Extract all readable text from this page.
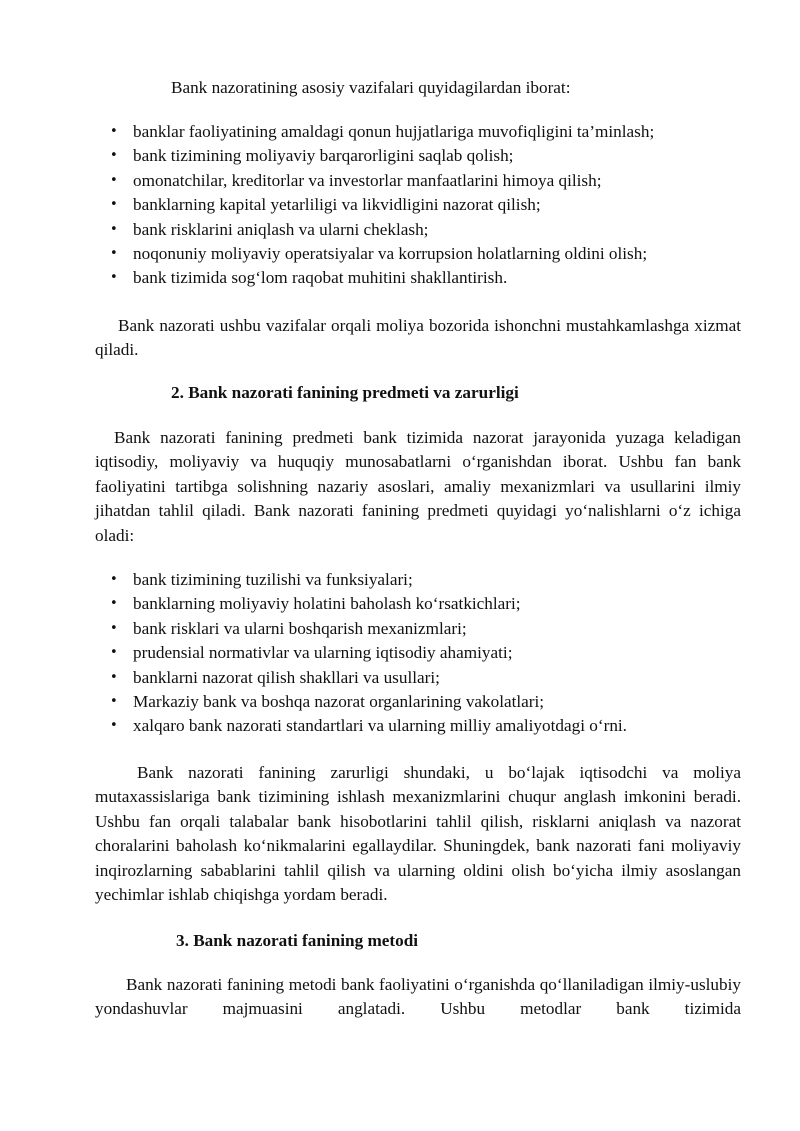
Bank nazoratining asosiy vazifalari quyidagilardan iborat:
• banklar faoliyatining amaldagi qonun hujjatlariga muvofiqligini ta’minlash;
• bank tizimining moliyaviy barqarorligini saqlab qolish;
• omonatchilar, kreditorlar va investorlar manfaatlarini himoya qilish;
• banklarning kapital yetarliligi va likvidligini nazorat qilish;
• bank risklarini aniqlash va ularni cheklash;
• noqonuniy moliyaviy operatsiyalar va korrupsion holatlarning oldini olish;
• bank tizimida sog‘lom raqobat muhitini shakllantirish.

Bank nazorati ushbu vazifalar orqali moliya bozorida ishonchni mustahkamlashga xizmat qiladi.

2. Bank nazorati fanining predmeti va zarurligi

Bank nazorati fanining predmeti bank tizimida nazorat jarayonida yuzaga keladigan iqtisodiy, moliyaviy va huquqiy munosabatlarni o‘rganishdan iborat. Ushbu fan bank faoliyatini tartibga solishning nazariy asoslari, amaliy mexanizmlari va usullarini ilmiy jihatdan tahlil qiladi. Bank nazorati fanining predmeti quyidagi yo‘nalishlarni o‘z ichiga oladi:

• bank tizimining tuzilishi va funksiyalari;
• banklarning moliyaviy holatini baholash ko‘rsatkichlari;
• bank risklari va ularni boshqarish mexanizmlari;
• prudensial normativlar va ularning iqtisodiy ahamiyati;
• banklarni nazorat qilish shakllari va usullari;
• Markaziy bank va boshqa nazorat organlarining vakolatlari;
• xalqaro bank nazorati standartlari va ularning milliy amaliyotdagi o‘rni.

Bank nazorati fanining zarurligi shundaki, u bo‘lajak iqtisodchi va moliya mutaxassislariga bank tizimining ishlash mexanizmlarini chuqur anglash imkonini beradi. Ushbu fan orqali talabalar bank hisobotlarini tahlil qilish, risklarni aniqlash va nazorat choralarini baholash ko‘nikmalarini egallaydilar. Shuningdek, bank nazorati fani moliyaviy inqirozlarning sabablarini tahlil qilish va ularning oldini olish bo‘yicha ilmiy asoslangan yechimlar ishlab chiqishga yordam beradi.

3. Bank nazorati fanining metodi

Bank nazorati fanining metodi bank faoliyatini o‘rganishda qo‘llaniladigan ilmiy-uslubiy yondashuvlar majmuasini anglatadi. Ushbu metodlar bank tizimida
